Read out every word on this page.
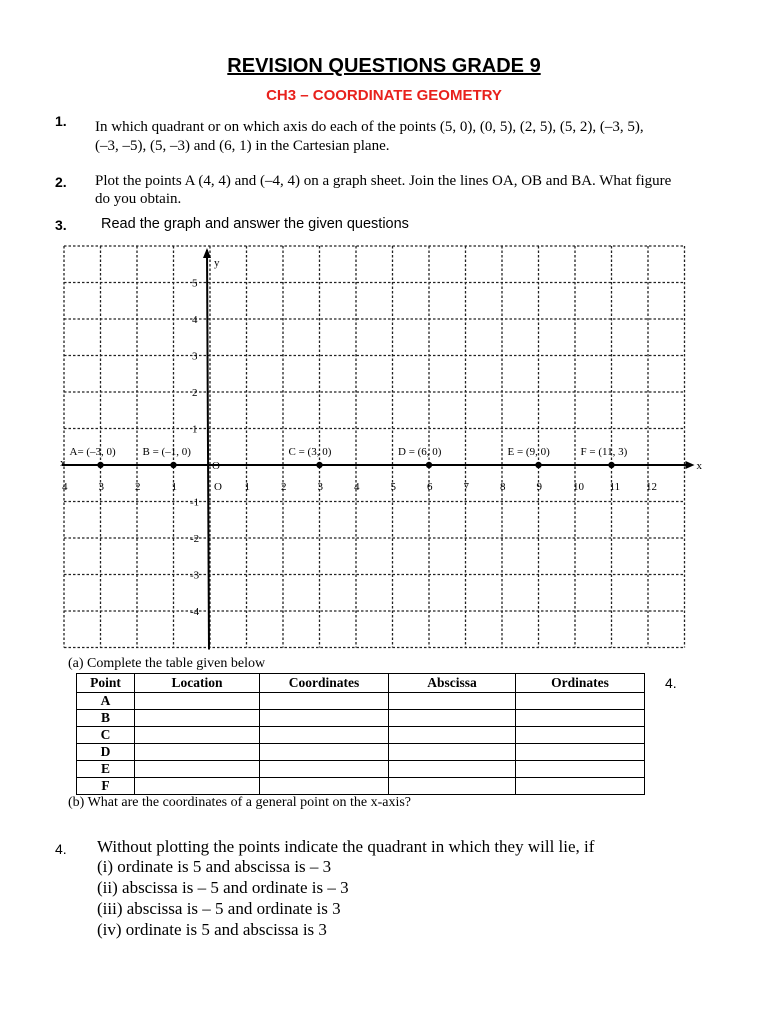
REVISION QUESTIONS GRADE 9
CH3 – COORDINATE GEOMETRY
1. In which quadrant or on which axis do each of the points (5, 0), (0, 5), (2, 5), (5, 2), (–3, 5),
(–3, –5), (5, –3) and (6, 1) in the Cartesian plane.
2. Plot the points A (4, 4) and (–4, 4) on a graph sheet. Join the lines OA, OB and BA. What figure
do you obtain.
3. Read the graph and answer the given questions
x
x
y
O
4	3	2	1	O 1	2	3	4	5	6	7	8	9	10 11 12
5
4
3
2
1
-1
-2
-3
-4
A= (–3, 0) B = (–1, 0)	C = (3, 0)	D = (6, 0)	E = (9, 0)	F = (11, 3)
(a) Complete the table given below
Point	Location	Coordinates	Abscissa	Ordinates
A				
B				
C				
D				
E				
F				
4.
(b) What are the coordinates of a general point on the x-axis?
4. Without plotting the points indicate the quadrant in which they will lie, if
(i) ordinate is 5 and abscissa is – 3
(ii) abscissa is – 5 and ordinate is – 3
(iii) abscissa is – 5 and ordinate is 3
(iv) ordinate is 5 and abscissa is 3
